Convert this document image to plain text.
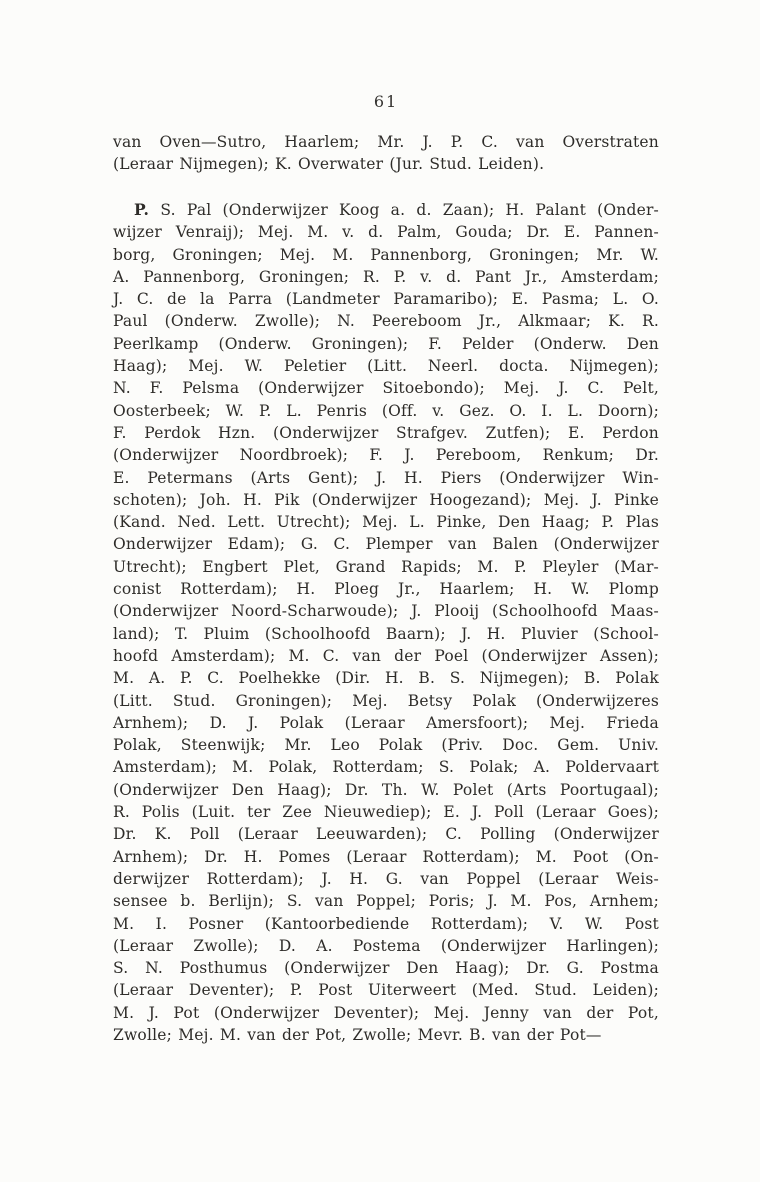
61
van Oven—Sutro, Haarlem; Mr. J. P. C. van Overstraten
(Leraar Nijmegen); K. Overwater (Jur. Stud. Leiden).
P. S. Pal (Onderwijzer Koog a. d. Zaan); H. Palant (Onder-
wijzer Venraij); Mej. M. v. d. Palm, Gouda; Dr. E. Pannen-
borg, Groningen; Mej. M. Pannenborg, Groningen; Mr. W.
A. Pannenborg, Groningen; R. P. v. d. Pant Jr., Amsterdam;
J. C. de la Parra (Landmeter Paramaribo); E. Pasma; L. O.
Paul (Onderw. Zwolle); N. Peereboom Jr., Alkmaar; K. R.
Peerlkamp (Onderw. Groningen); F. Pelder (Onderw. Den
Haag); Mej. W. Peletier (Litt. Neerl. docta. Nijmegen);
N. F. Pelsma (Onderwijzer Sitoebondo); Mej. J. C. Pelt,
Oosterbeek; W. P. L. Penris (Off. v. Gez. O. I. L. Doorn);
F. Perdok Hzn. (Onderwijzer Strafgev. Zutfen); E. Perdon
(Onderwijzer Noordbroek); F. J. Pereboom, Renkum; Dr.
E. Petermans (Arts Gent); J. H. Piers (Onderwijzer Win-
schoten); Joh. H. Pik (Onderwijzer Hoogezand); Mej. J. Pinke
(Kand. Ned. Lett. Utrecht); Mej. L. Pinke, Den Haag; P. Plas
Onderwijzer Edam); G. C. Plemper van Balen (Onderwijzer
Utrecht); Engbert Plet, Grand Rapids; M. P. Pleyler (Mar-
conist Rotterdam); H. Ploeg Jr., Haarlem; H. W. Plomp
(Onderwijzer Noord-Scharwoude); J. Plooij (Schoolhoofd Maas-
land); T. Pluim (Schoolhoofd Baarn); J. H. Pluvier (School-
hoofd Amsterdam); M. C. van der Poel (Onderwijzer Assen);
M. A. P. C. Poelhekke (Dir. H. B. S. Nijmegen); B. Polak
(Litt. Stud. Groningen); Mej. Betsy Polak (Onderwijzeres
Arnhem); D. J. Polak (Leraar Amersfoort); Mej. Frieda
Polak, Steenwijk; Mr. Leo Polak (Priv. Doc. Gem. Univ.
Amsterdam); M. Polak, Rotterdam; S. Polak; A. Poldervaart
(Onderwijzer Den Haag); Dr. Th. W. Polet (Arts Poortugaal);
R. Polis (Luit. ter Zee Nieuwediep); E. J. Poll (Leraar Goes);
Dr. K. Poll (Leraar Leeuwarden); C. Polling (Onderwijzer
Arnhem); Dr. H. Pomes (Leraar Rotterdam); M. Poot (On-
derwijzer Rotterdam); J. H. G. van Poppel (Leraar Weis-
sensee b. Berlijn); S. van Poppel; Poris; J. M. Pos, Arnhem;
M. I. Posner (Kantoorbediende Rotterdam); V. W. Post
(Leraar Zwolle); D. A. Postema (Onderwijzer Harlingen);
S. N. Posthumus (Onderwijzer Den Haag); Dr. G. Postma
(Leraar Deventer); P. Post Uiterweert (Med. Stud. Leiden);
M. J. Pot (Onderwijzer Deventer); Mej. Jenny van der Pot,
Zwolle; Mej. M. van der Pot, Zwolle; Mevr. B. van der Pot—
